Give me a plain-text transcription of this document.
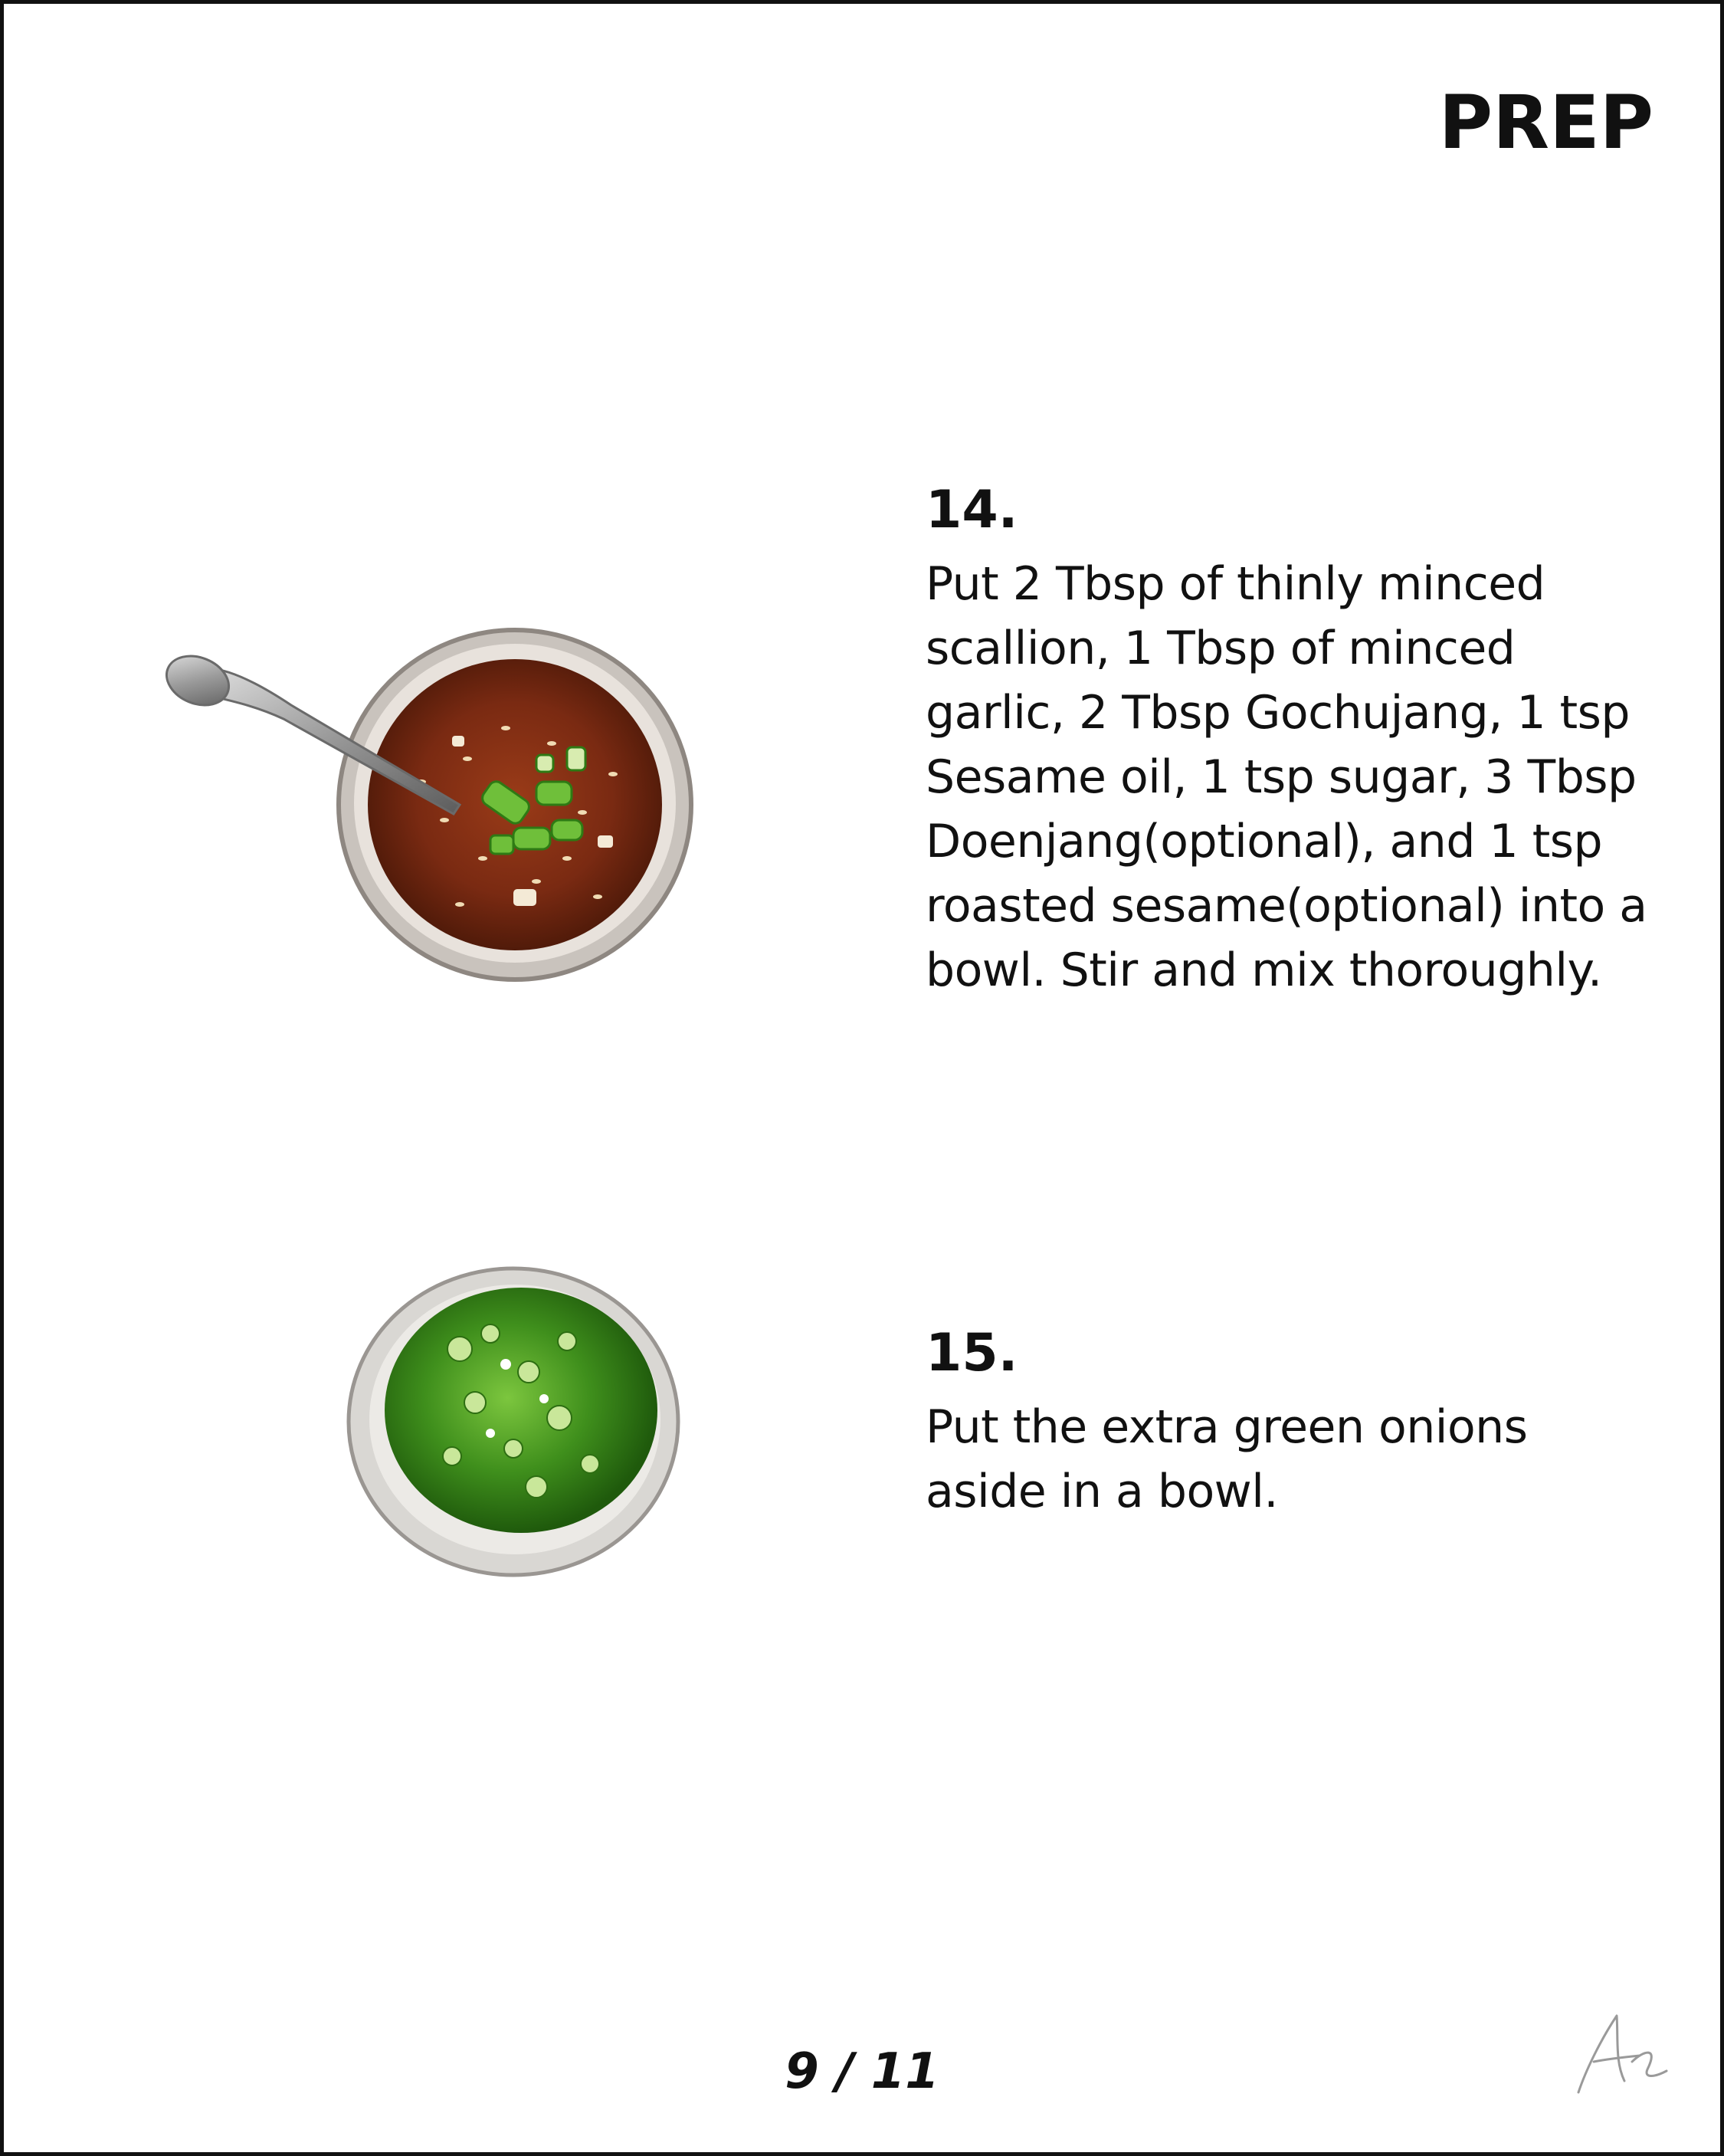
PREP
14.
Put 2 Tbsp of thinly minced scallion, 1 Tbsp of minced garlic, 2 Tbsp Gochujang, 1 tsp Sesame oil, 1 tsp sugar, 3 Tbsp Doenjang(optional), and 1 tsp roasted sesame(optional) into a bowl. Stir and mix thoroughly.
15.
Put the extra green onions aside in a bowl.
9 / 11
